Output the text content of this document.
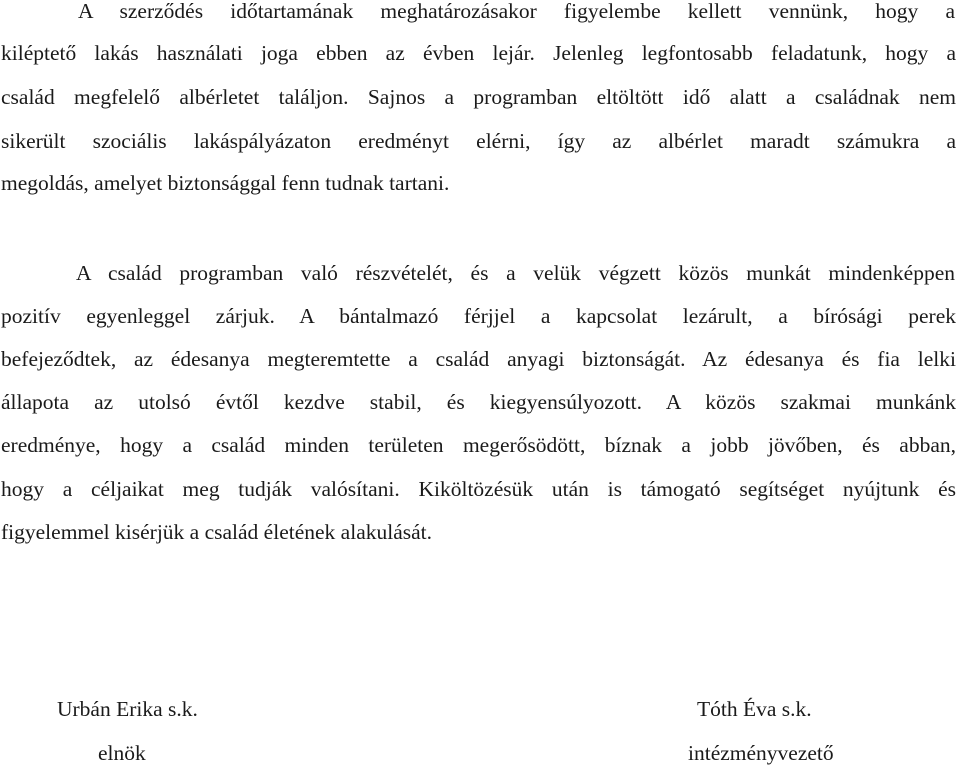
A szerződés időtartamának meghatározásakor figyelembe kellett vennünk, hogy a
kiléptető lakás használati joga ebben az évben lejár. Jelenleg legfontosabb feladatunk, hogy a
család megfelelő albérletet találjon. Sajnos a programban eltöltött idő alatt a családnak nem
sikerült szociális lakáspályázaton eredményt elérni, így az albérlet maradt számukra a
megoldás, amelyet biztonsággal fenn tudnak tartani.
A család programban való részvételét, és a velük végzett közös munkát mindenképpen
pozitív egyenleggel zárjuk. A bántalmazó férjjel a kapcsolat lezárult, a bírósági perek
befejeződtek, az édesanya megteremtette a család anyagi biztonságát. Az édesanya és fia lelki
állapota az utolsó évtől kezdve stabil, és kiegyensúlyozott. A közös szakmai munkánk
eredménye, hogy a család minden területen megerősödött, bíznak a jobb jövőben, és abban,
hogy a céljaikat meg tudják valósítani. Kiköltözésük után is támogató segítséget nyújtunk és
figyelemmel kisérjük a család életének alakulását.
Urbán Erika s.k.
elnök
Tóth Éva s.k.
intézményvezető
